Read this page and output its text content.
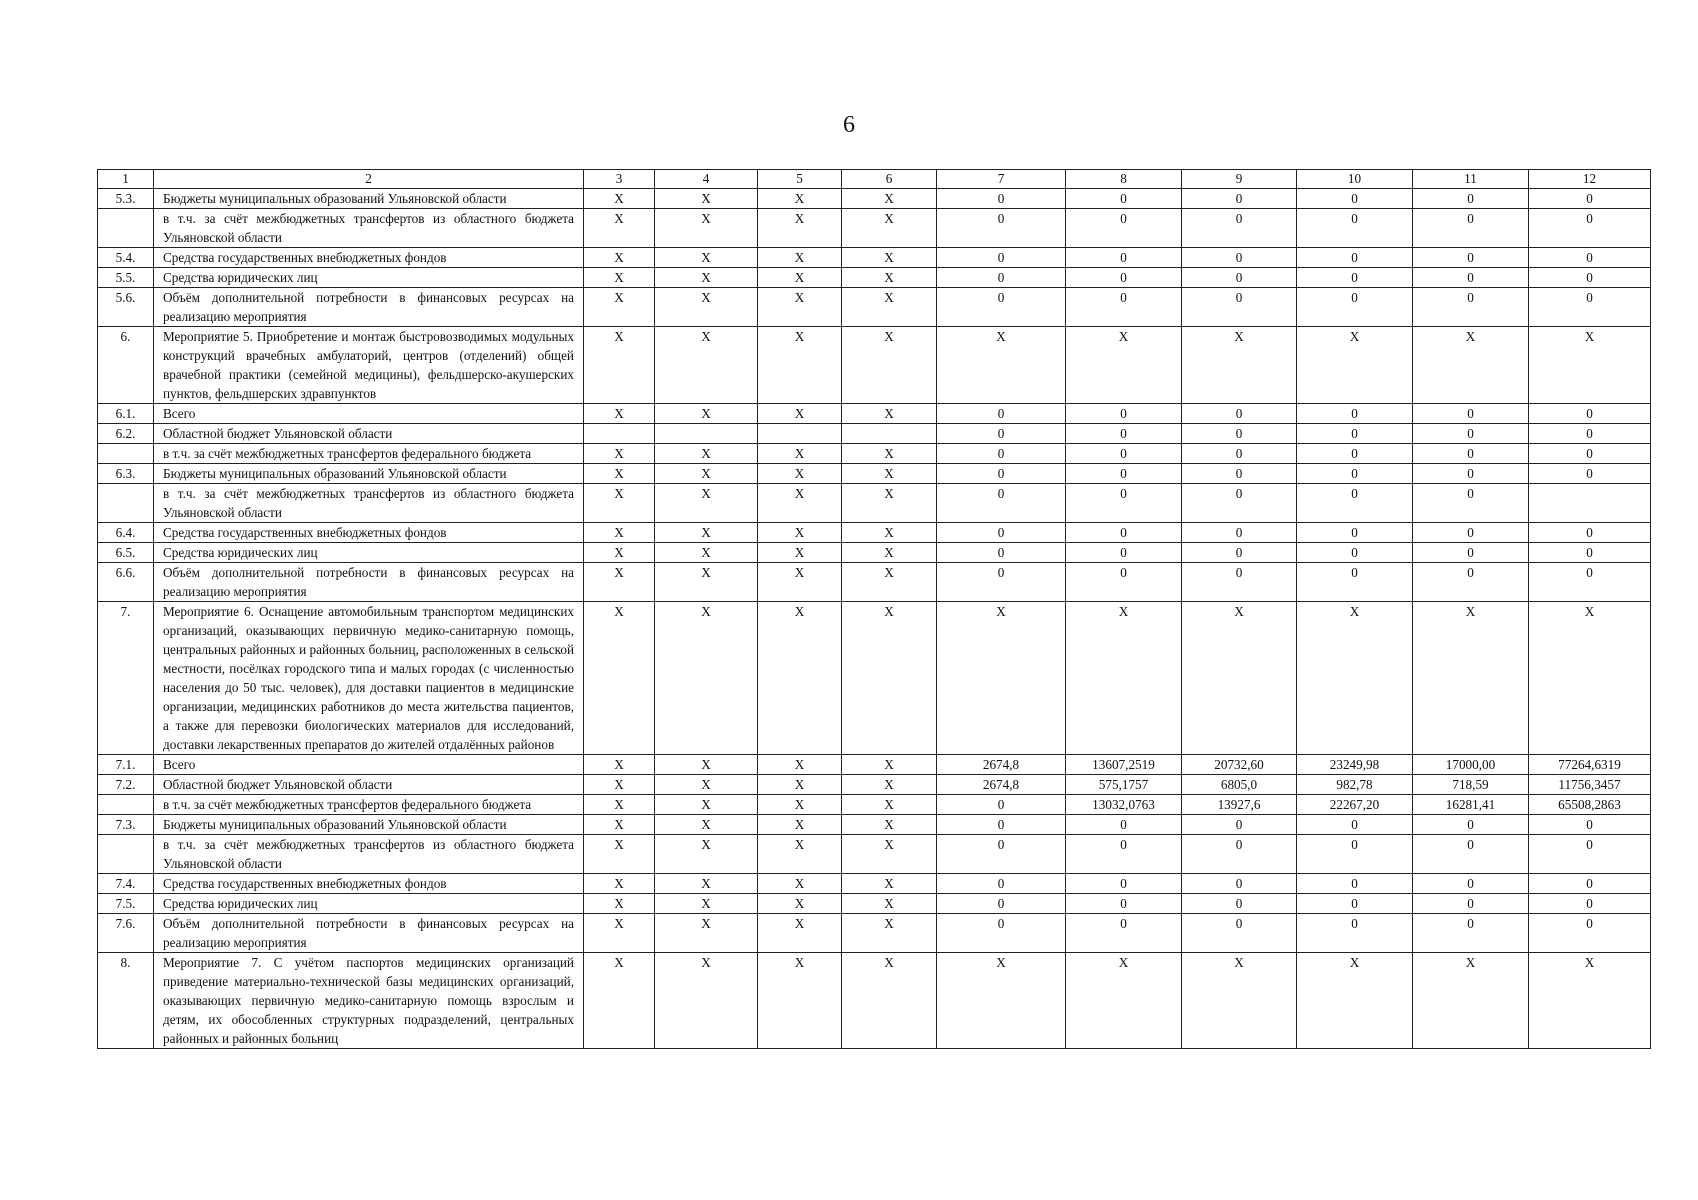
6
1	2	3	4	5	6	7	8	9	10	11	12
5.3.	Бюджеты муниципальных образований Ульяновской области	X	X	X	X	0	0	0	0	0	0
	в т.ч. за счёт межбюджетных трансфертов из областного бюджета Ульяновской области	X	X	X	X	0	0	0	0	0	0
5.4.	Средства государственных внебюджетных фондов	X	X	X	X	0	0	0	0	0	0
5.5.	Средства юридических лиц	X	X	X	X	0	0	0	0	0	0
5.6.	Объём дополнительной потребности в финансовых ресурсах на реализацию мероприятия	X	X	X	X	0	0	0	0	0	0
6.	Мероприятие 5. Приобретение и монтаж быстровозводимых модульных конструкций врачебных амбулаторий, центров (отделений) общей врачебной практики (семейной медицины), фельдшерско-акушерских пунктов, фельдшерских здравпунктов	X	X	X	X	X	X	X	X	X	X
6.1.	Всего	X	X	X	X	0	0	0	0	0	0
6.2.	Областной бюджет Ульяновской области					0	0	0	0	0	0
	в т.ч. за счёт межбюджетных трансфертов федерального бюджета	X	X	X	X	0	0	0	0	0	0
6.3.	Бюджеты муниципальных образований Ульяновской области	X	X	X	X	0	0	0	0	0	0
	в т.ч. за счёт межбюджетных трансфертов из областного бюджета Ульяновской области	X	X	X	X	0	0	0	0	0	
6.4.	Средства государственных внебюджетных фондов	X	X	X	X	0	0	0	0	0	0
6.5.	Средства юридических лиц	X	X	X	X	0	0	0	0	0	0
6.6.	Объём дополнительной потребности в финансовых ресурсах на реализацию мероприятия	X	X	X	X	0	0	0	0	0	0
7.	Мероприятие 6. Оснащение автомобильным транспортом медицинских организаций, оказывающих первичную медико-санитарную помощь, центральных районных и районных больниц, расположенных в сельской местности, посёлках городского типа и малых городах (с численностью населения до 50 тыс. человек), для доставки пациентов в медицинские организации, медицинских работников до места жительства пациентов, а также для перевозки биологических материалов для исследований, доставки лекарственных препаратов до жителей отдалённых районов	X	X	X	X	X	X	X	X	X	X
7.1.	Всего	X	X	X	X	2674,8	13607,2519	20732,60	23249,98	17000,00	77264,6319
7.2.	Областной бюджет Ульяновской области	X	X	X	X	2674,8	575,1757	6805,0	982,78	718,59	11756,3457
	в т.ч. за счёт межбюджетных трансфертов федерального бюджета	X	X	X	X	0	13032,0763	13927,6	22267,20	16281,41	65508,2863
7.3.	Бюджеты муниципальных образований Ульяновской области	X	X	X	X	0	0	0	0	0	0
	в т.ч. за счёт межбюджетных трансфертов из областного бюджета Ульяновской области	X	X	X	X	0	0	0	0	0	0
7.4.	Средства государственных внебюджетных фондов	X	X	X	X	0	0	0	0	0	0
7.5.	Средства юридических лиц	X	X	X	X	0	0	0	0	0	0
7.6.	Объём дополнительной потребности в финансовых ресурсах на реализацию мероприятия	X	X	X	X	0	0	0	0	0	0
8.	Мероприятие 7. С учётом паспортов медицинских организаций приведение материально-технической базы медицинских организаций, оказывающих первичную медико-санитарную помощь взрослым и детям, их обособленных структурных подразделений, центральных районных и районных больниц	X	X	X	X	X	X	X	X	X	X
